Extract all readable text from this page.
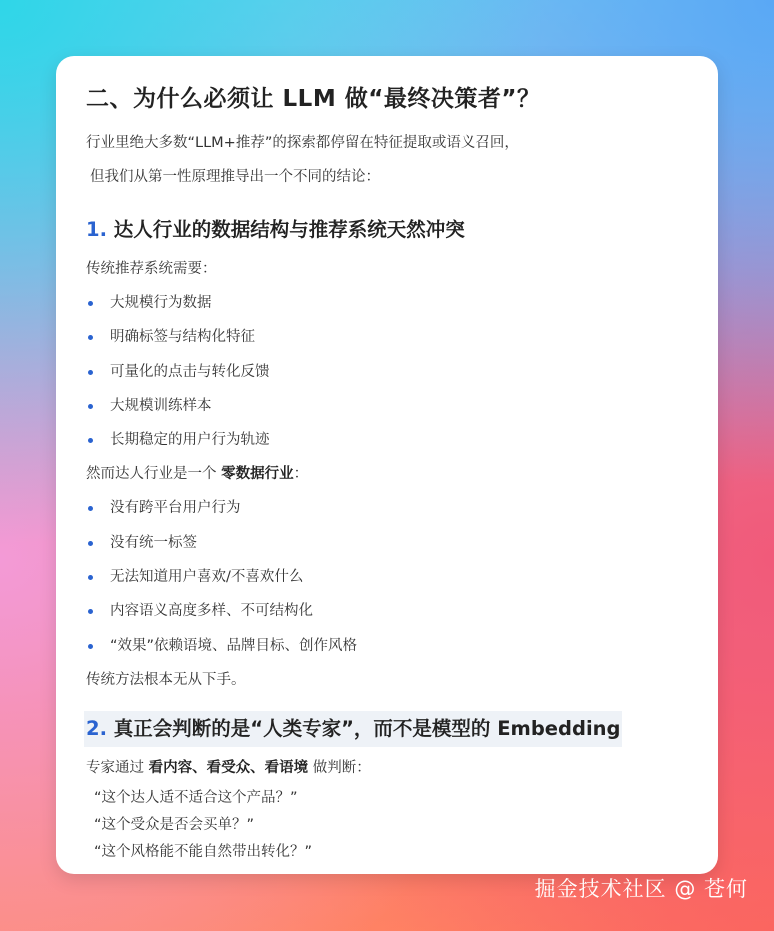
二、为什么必须让 LLM 做“最终决策者”？
行业里绝大多数“LLM+推荐”的探索都停留在特征提取或语义召回，
但我们从第一性原理推导出一个不同的结论：
1. 达人行业的数据结构与推荐系统天然冲突
传统推荐系统需要：
大规模行为数据
明确标签与结构化特征
可量化的点击与转化反馈
大规模训练样本
长期稳定的用户行为轨迹
然而达人行业是一个 零数据行业：
没有跨平台用户行为
没有统一标签
无法知道用户喜欢/不喜欢什么
内容语义高度多样、不可结构化
“效果”依赖语境、品牌目标、创作风格
传统方法根本无从下手。
2. 真正会判断的是“人类专家”，而不是模型的 Embedding
专家通过 看内容、看受众、看语境 做判断：
“这个达人适不适合这个产品？”
“这个受众是否会买单？”
“这个风格能不能自然带出转化？”
掘金技术社区 @ 苍何
